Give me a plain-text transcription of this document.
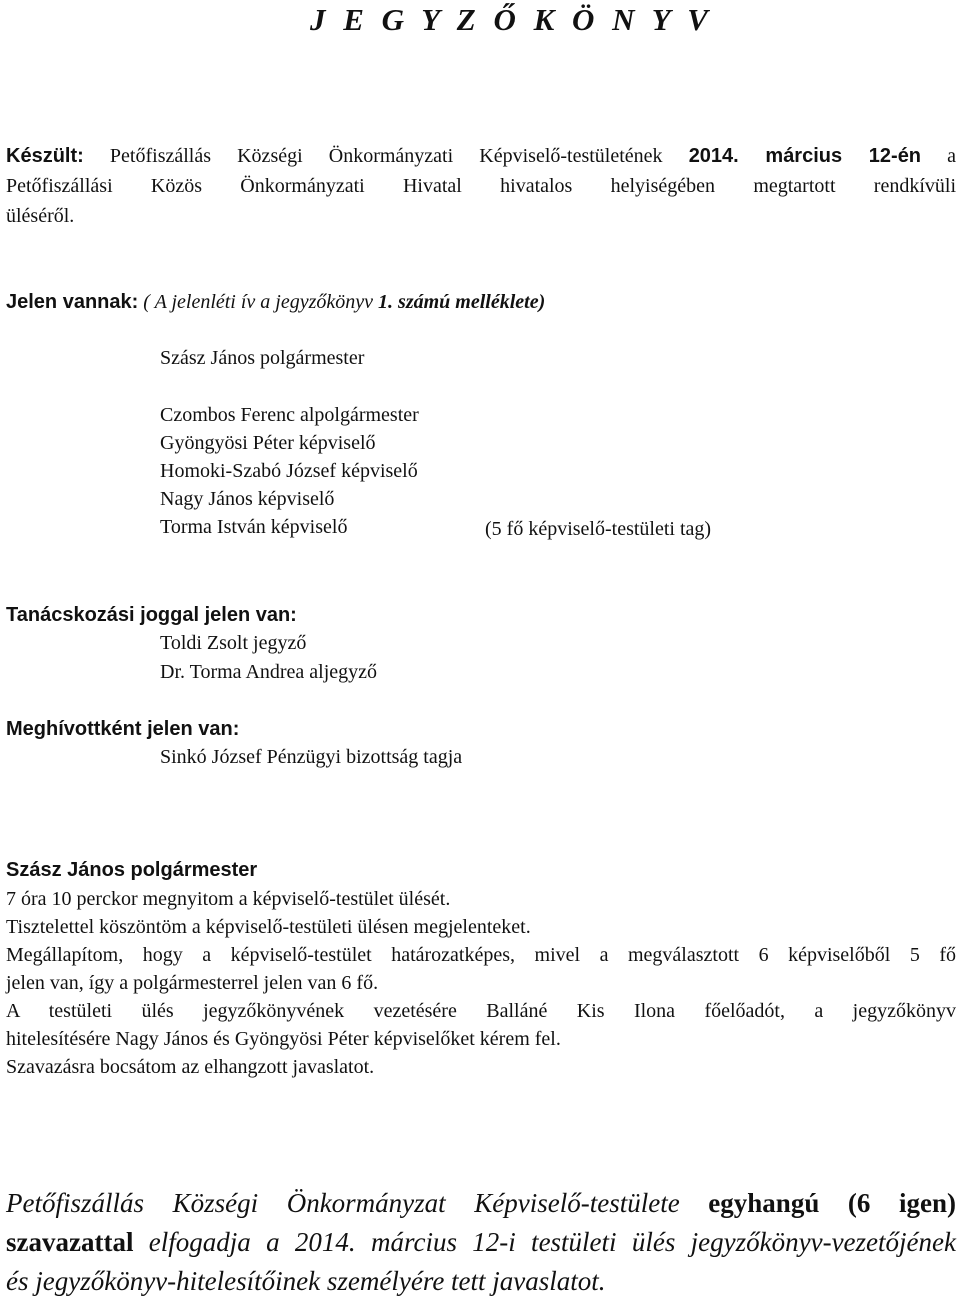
J E G Y Z Ő K Ö N Y V
Készült: Petőfiszállás Községi Önkormányzati Képviselő-testületének 2014. március 12-én a
Petőfiszállási Közös Önkormányzati Hivatal hivatalos helyiségében megtartott rendkívüli
üléséről.
Jelen vannak: ( A jelenléti ív a jegyzőkönyv 1. számú melléklete)
Szász János polgármester
Czombos Ferenc alpolgármester
Gyöngyösi Péter képviselő
Homoki-Szabó József képviselő
Nagy János képviselő
Torma István képviselő	(5 fő képviselő-testületi tag)
Tanácskozási joggal jelen van:
Toldi Zsolt jegyző
Dr. Torma Andrea aljegyző
Meghívottként jelen van:
Sinkó József Pénzügyi bizottság tagja
Szász János polgármester
7 óra 10 perckor megnyitom a képviselő-testület ülését.
Tisztelettel köszöntöm a képviselő-testületi ülésen megjelenteket.
Megállapítom, hogy a képviselő-testület határozatképes, mivel a megválasztott 6 képviselőből 5 fő
jelen van, így a polgármesterrel jelen van 6 fő.
A testületi ülés jegyzőkönyvének vezetésére Balláné Kis Ilona főelőadót, a jegyzőkönyv
hitelesítésére Nagy János és Gyöngyösi Péter képviselőket kérem fel.
Szavazásra bocsátom az elhangzott javaslatot.
Petőfiszállás Községi Önkormányzat Képviselő-testülete egyhangú (6 igen)
szavazattal elfogadja a 2014. március 12-i testületi ülés jegyzőkönyv-vezetőjének
és jegyzőkönyv-hitelesítőinek személyére tett javaslatot.
